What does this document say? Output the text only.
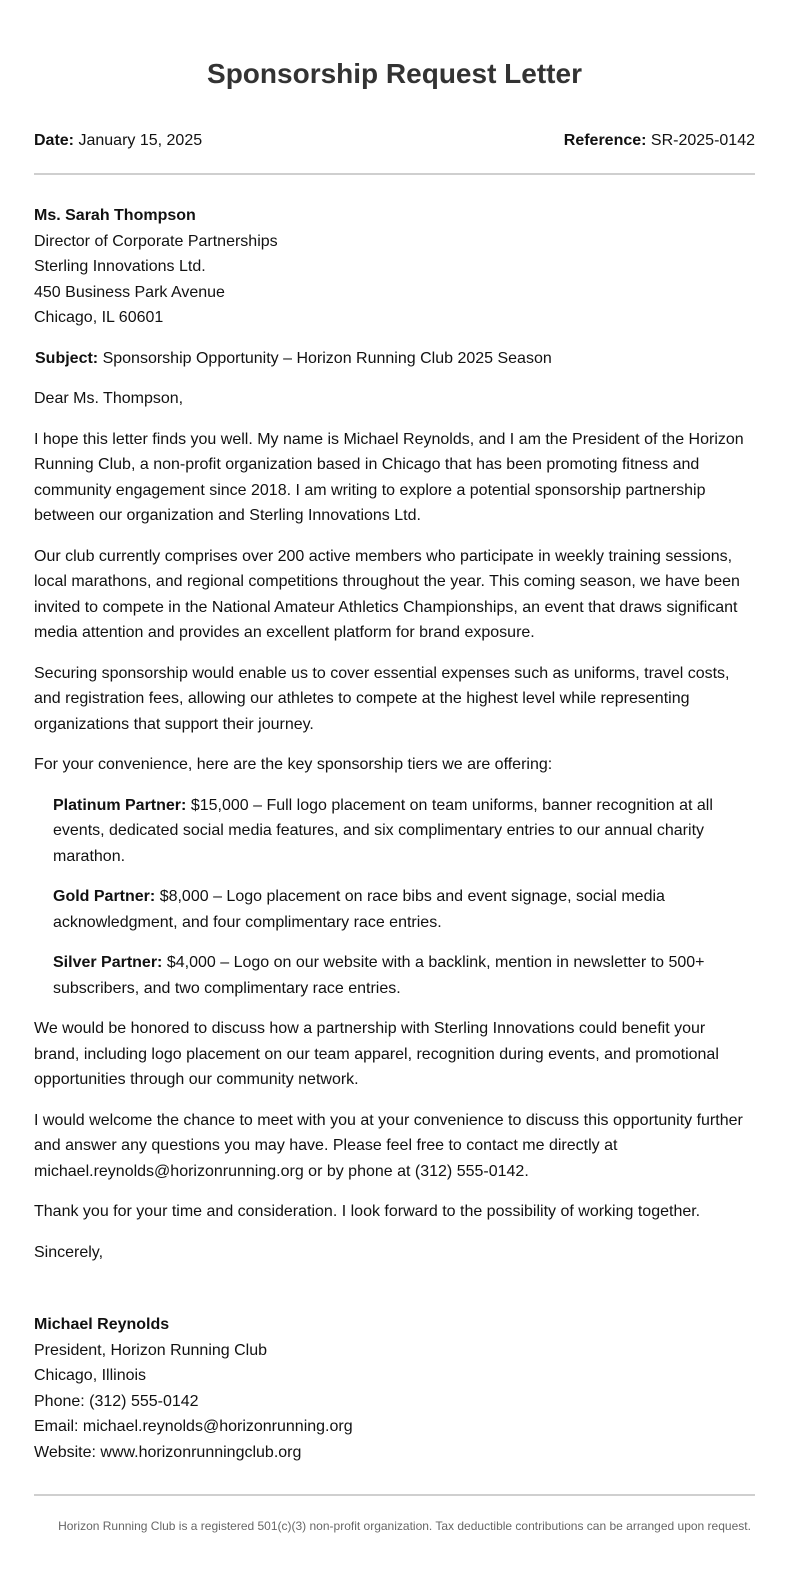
Sponsorship Request Letter
Date: January 15, 2025	Reference: SR-2025-0142
Ms. Sarah Thompson
Director of Corporate Partnerships
Sterling Innovations Ltd.
450 Business Park Avenue
Chicago, IL 60601

Subject: Sponsorship Opportunity – Horizon Running Club 2025 Season

Dear Ms. Thompson,

I hope this letter finds you well. My name is Michael Reynolds, and I am the President of the Horizon Running Club, a non-profit organization based in Chicago that has been promoting fitness and community engagement since 2018. I am writing to explore a potential sponsorship partnership between our organization and Sterling Innovations Ltd.

Our club currently comprises over 200 active members who participate in weekly training sessions, local marathons, and regional competitions throughout the year. This coming season, we have been invited to compete in the National Amateur Athletics Championships, an event that draws significant media attention and provides an excellent platform for brand exposure.

Securing sponsorship would enable us to cover essential expenses such as uniforms, travel costs, and registration fees, allowing our athletes to compete at the highest level while representing organizations that support their journey.

For your convenience, here are the key sponsorship tiers we are offering:

Platinum Partner: $15,000 – Full logo placement on team uniforms, banner recognition at all events, dedicated social media features, and six complimentary entries to our annual charity marathon.
Gold Partner: $8,000 – Logo placement on race bibs and event signage, social media acknowledgment, and four complimentary race entries.
Silver Partner: $4,000 – Logo on our website with a backlink, mention in newsletter to 500+ subscribers, and two complimentary race entries.

We would be honored to discuss how a partnership with Sterling Innovations could benefit your brand, including logo placement on our team apparel, recognition during events, and promotional opportunities through our community network.

I would welcome the chance to meet with you at your convenience to discuss this opportunity further and answer any questions you may have. Please feel free to contact me directly at michael.reynolds@horizonrunning.org or by phone at (312) 555-0142.

Thank you for your time and consideration. I look forward to the possibility of working together.

Sincerely,

Michael Reynolds
President, Horizon Running Club
Chicago, Illinois
Phone: (312) 555-0142
Email: michael.reynolds@horizonrunning.org
Website: www.horizonrunningclub.org
Horizon Running Club is a registered 501(c)(3) non-profit organization. Tax deductible contributions can be arranged upon request.
